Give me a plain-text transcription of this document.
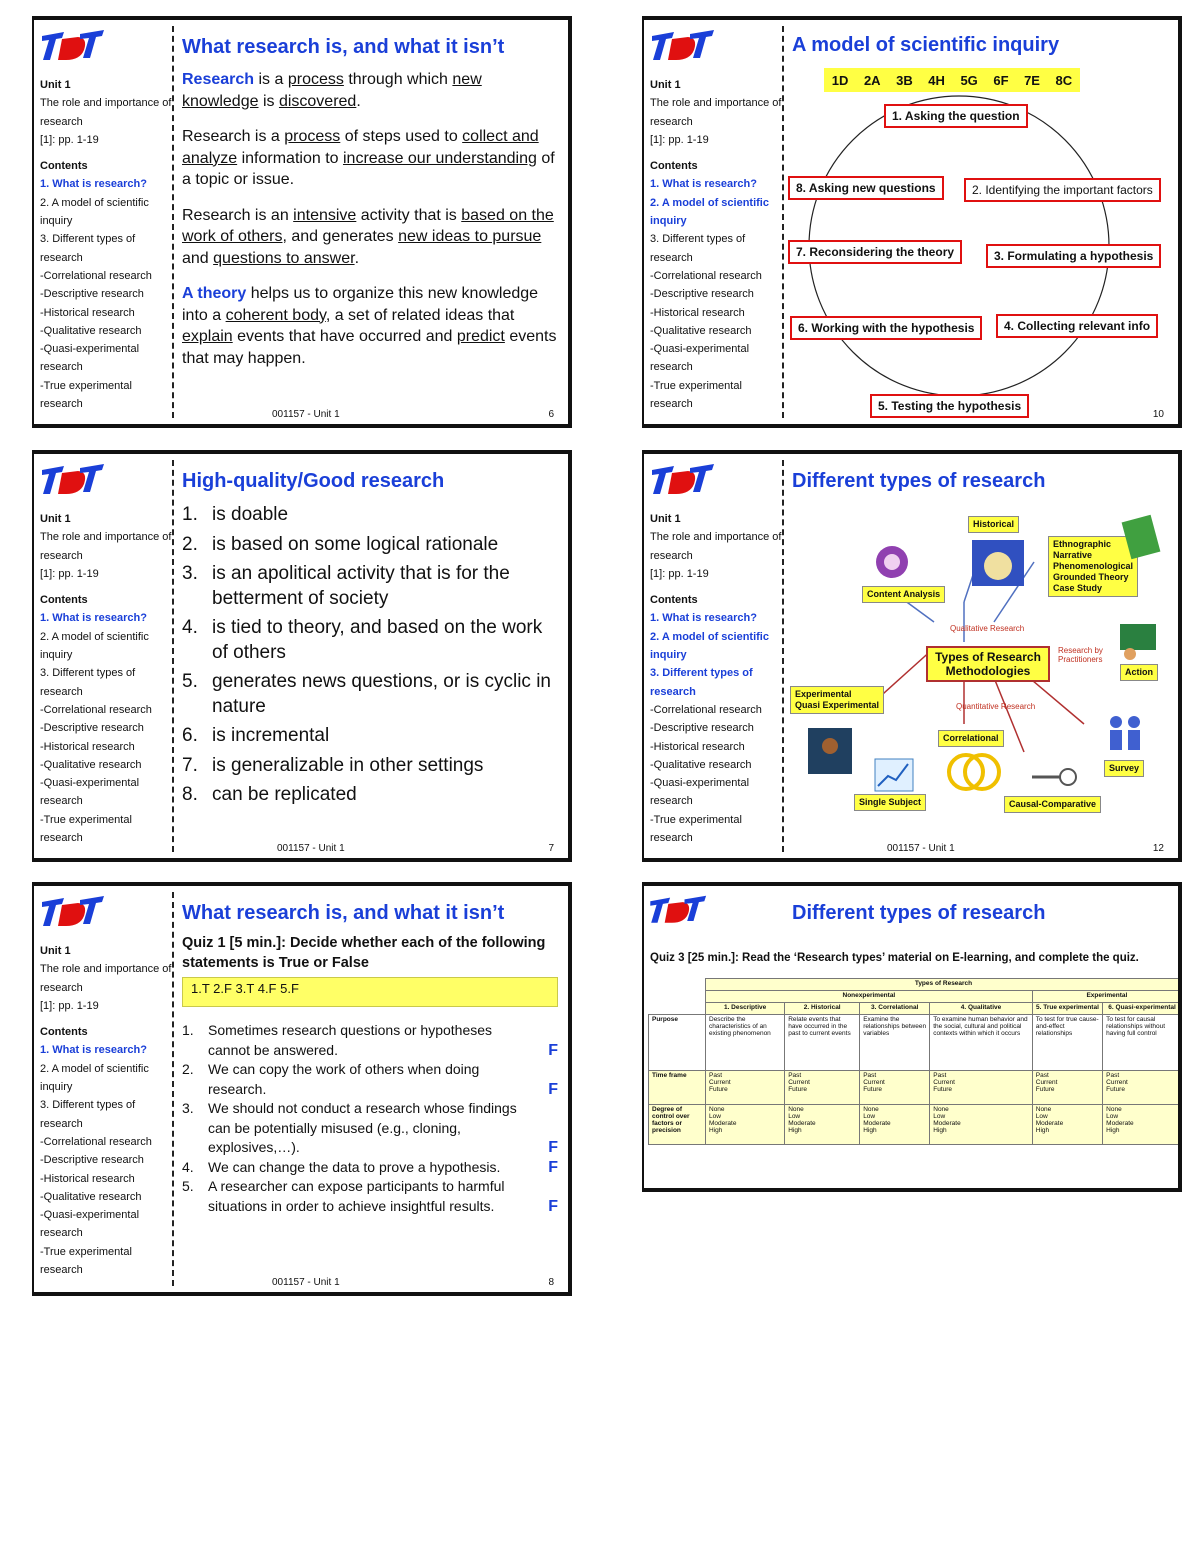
Unit 1
The role and importance of research
[1]: pp. 1-19
Contents
1. What is research?
2. A model of scientific inquiry
3. Different types of research
-Correlational research
-Descriptive research
-Historical research
-Qualitative research
-Quasi-experimental research
-True experimental research
What research is, and what it isn’t

Research is a process through which new knowledge is discovered.

Research is a process of steps used to collect and analyze information to increase our understanding of a topic or issue.

Research is an intensive activity that is based on the work of others, and generates new ideas to pursue and questions to answer.

A theory helps us to organize this new knowledge into a coherent body, a set of related ideas that explain events that have occurred and predict events that may happen.

001157 - Unit 1	6
Unit 1
The role and importance of research
[1]: pp. 1-19
Contents
1. What is research?
2. A model of scientific inquiry
3. Different types of research
-Correlational research
-Descriptive research
-Historical research
-Qualitative research
-Quasi-experimental research
-True experimental research
A model of scientific inquiry
1D 2A 3B 4H 5G 6F 7E 8C
1. Asking the question
2. Identifying the important factors
3. Formulating a hypothesis
4. Collecting relevant info
5. Testing the hypothesis
6. Working with the hypothesis
7. Reconsidering the theory
8. Asking new questions
10
Unit 1
The role and importance of research
[1]: pp. 1-19
Contents
1. What is research?
2. A model of scientific inquiry
3. Different types of research
-Correlational research
-Descriptive research
-Historical research
-Qualitative research
-Quasi-experimental research
-True experimental research
High-quality/Good research
1. is doable
2. is based on some logical rationale
3. is an apolitical activity that is for the betterment of society
4. is tied to theory, and based on the work of others
5. generates news questions, or is cyclic in nature
6. is incremental
7. is generalizable in other settings
8. can be replicated
001157 - Unit 1	7
Unit 1
The role and importance of research
[1]: pp. 1-19
Contents
1. What is research?
2. A model of scientific inquiry
3. Different types of research
-Correlational research
-Descriptive research
-Historical research
-Qualitative research
-Quasi-experimental research
-True experimental research
Different types of research
Historical
Ethnographic
Narrative
Phenomenological
Grounded Theory
Case Study
Content Analysis
Qualitative Research
Types of Research Methodologies
Research by Practitioners
Action
Experimental
Quasi Experimental	Quantitative Research
Correlational
Survey
Single Subject	Causal-Comparative
001157 - Unit 1	12
Unit 1
The role and importance of research
[1]: pp. 1-19
Contents
1. What is research?
2. A model of scientific inquiry
3. Different types of research
-Correlational research
-Descriptive research
-Historical research
-Qualitative research
-Quasi-experimental research
-True experimental research
What research is, and what it isn’t
Quiz 1 [5 min.]: Decide whether each of the following statements is True or False
1.T 2.F 3.T 4.F 5.F
1.	Sometimes research questions or hypotheses cannot be answered.	F
2.	We can copy the work of others when doing research.	F
3.	We should not conduct a research whose findings can be potentially misused (e.g., cloning, explosives,…).	F
4.	We can change the data to prove a hypothesis.	F
5.	A researcher can expose participants to harmful situations in order to achieve insightful results.	F
001157 - Unit 1	8
Different types of research
Quiz 3 [25 min.]: Read the ‘Research types’ material on E-learning, and complete the quiz.
	Types of Research					
	Nonexperimental				Experimental	
	1. Descriptive	2. Historical	3. Correlational	4. Qualitative	5. True experimental	6. Quasi-experimental
Purpose	Describe the characteristics of an existing phenomenon	Relate events that have occurred in the past to current events	Examine the relationships between variables	To examine human behavior and the social, cultural and political contexts within which it occurs	To test for true cause-and-effect relationships	To test for causal relationships without having full control
Time frame	Past
Current
Future	Past
Current
Future	Past
Current
Future	Past
Current
Future	Past
Current
Future	Past
Current
Future
Degree of control over factors or precision	None
Low
Moderate
High	None
Low
Moderate
High	None
Low
Moderate
High	None
Low
Moderate
High	None
Low
Moderate
High	None
Low
Moderate
High
